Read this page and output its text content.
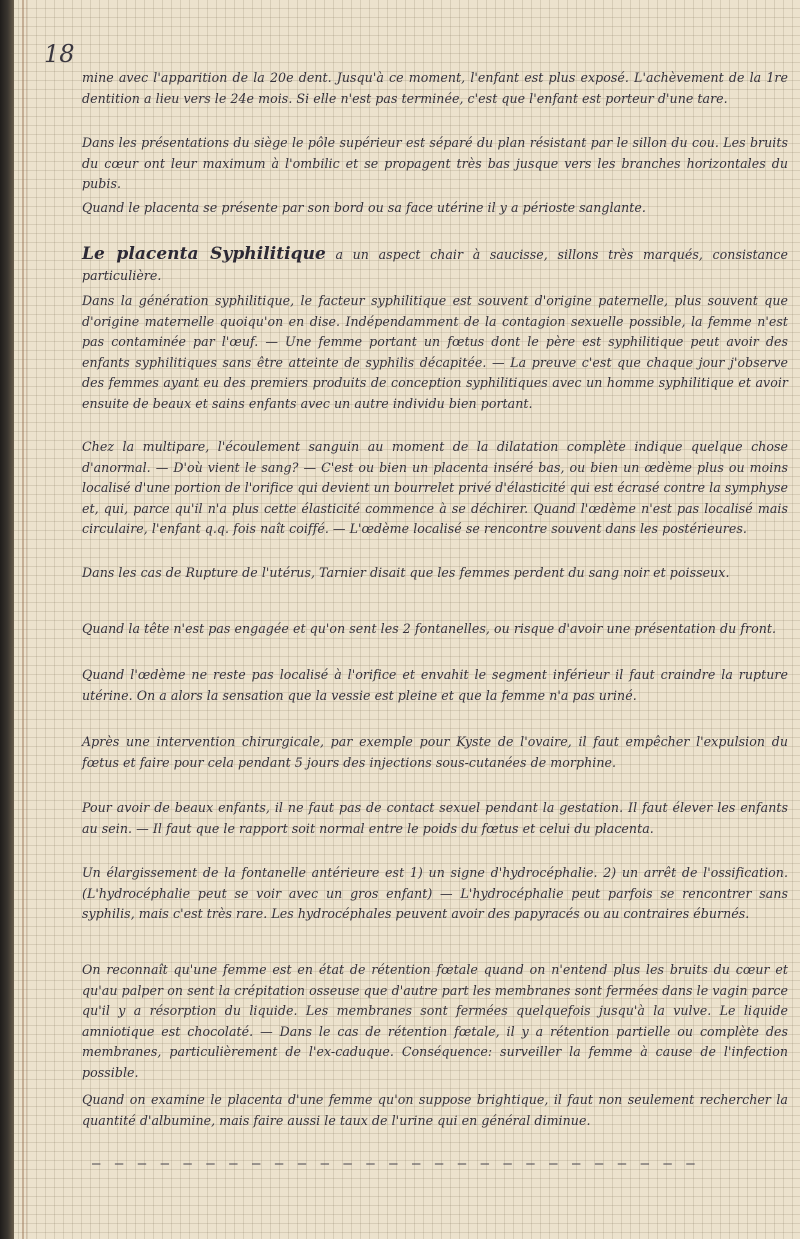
18

mine avec l'apparition de la 20e dent. Jusqu'à ce moment, l'enfant est plus exposé. L'achèvement de la 1re dentition a lieu vers le 24e mois. Si elle n'est pas terminée, c'est que l'enfant est porteur d'une tare.

Dans les présentations du siège le pôle supérieur est séparé du plan résistant par le sillon du cou. Les bruits du cœur ont leur maximum à l'ombilic et se propagent très bas jusque vers les branches horizontales du pubis.

Quand le placenta se présente par son bord ou sa face utérine il y a périoste sanglante.

Le placenta Syphilitique a un aspect chair à saucisse, sillons très marqués, consistance particulière.

Dans la génération syphilitique, le facteur syphilitique est souvent d'origine paternelle, plus souvent que d'origine maternelle quoiqu'on en dise. Indépendamment de la contagion sexuelle possible, la femme n'est pas contaminée par l'œuf. — Une femme portant un fœtus dont le père est syphilitique peut avoir des enfants syphilitiques sans être atteinte de syphilis décapitée. — La preuve c'est que chaque jour j'observe des femmes ayant eu des premiers produits de conception syphilitiques avec un homme syphilitique et avoir ensuite de beaux et sains enfants avec un autre individu bien portant.

Chez la multipare, l'écoulement sanguin au moment de la dilatation complète indique quelque chose d'anormal. — D'où vient le sang? — C'est ou bien un placenta inséré bas, ou bien un œdème plus ou moins localisé d'une portion de l'orifice qui devient un bourrelet privé d'élasticité qui est écrasé contre la symphyse et, qui, parce qu'il n'a plus cette élasticité commence à se déchirer. Quand l'œdème n'est pas localisé mais circulaire, l'enfant q.q. fois naît coiffé. — L'œdème localisé se rencontre souvent dans les postérieures.

Dans les cas de Rupture de l'utérus, Tarnier disait que les femmes perdent du sang noir et poisseux.

Quand la tête n'est pas engagée et qu'on sent les 2 fontanelles, ou risque d'avoir une présentation du front.

Quand l'œdème ne reste pas localisé à l'orifice et envahit le segment inférieur il faut craindre la rupture utérine. On a alors la sensation que la vessie est pleine et que la femme n'a pas uriné.

Après une intervention chirurgicale, par exemple pour Kyste de l'ovaire, il faut empêcher l'expulsion du fœtus et faire pour cela pendant 5 jours des injections sous-cutanées de morphine.

Pour avoir de beaux enfants, il ne faut pas de contact sexuel pendant la gestation. Il faut élever les enfants au sein. — Il faut que le rapport soit normal entre le poids du fœtus et celui du placenta.

Un élargissement de la fontanelle antérieure est 1) un signe d'hydrocéphalie. 2) un arrêt de l'ossification. (L'hydrocéphalie peut se voir avec un gros enfant) — L'hydrocéphalie peut parfois se rencontrer sans syphilis, mais c'est très rare. Les hydrocéphales peuvent avoir des papyracés ou au contraires éburnés.

On reconnaît qu'une femme est en état de rétention fœtale quand on n'entend plus les bruits du cœur et qu'au palper on sent la crépitation osseuse que d'autre part les membranes sont fermées dans le vagin parce qu'il y a résorption du liquide. Les membranes sont fermées quelquefois jusqu'à la vulve. Le liquide amniotique est chocolaté. — Dans le cas de rétention fœtale, il y a rétention partielle ou complète des membranes, particulièrement de l'ex-caduque. Conséquence: surveiller la femme à cause de l'infection possible.

Quand on examine le placenta d'une femme qu'on suppose brightique, il faut non seulement rechercher la quantité d'albumine, mais faire aussi le taux de l'urine qui en général diminue.

— — — — — — — — — — — — — — — — — — — — — — — — — — —
